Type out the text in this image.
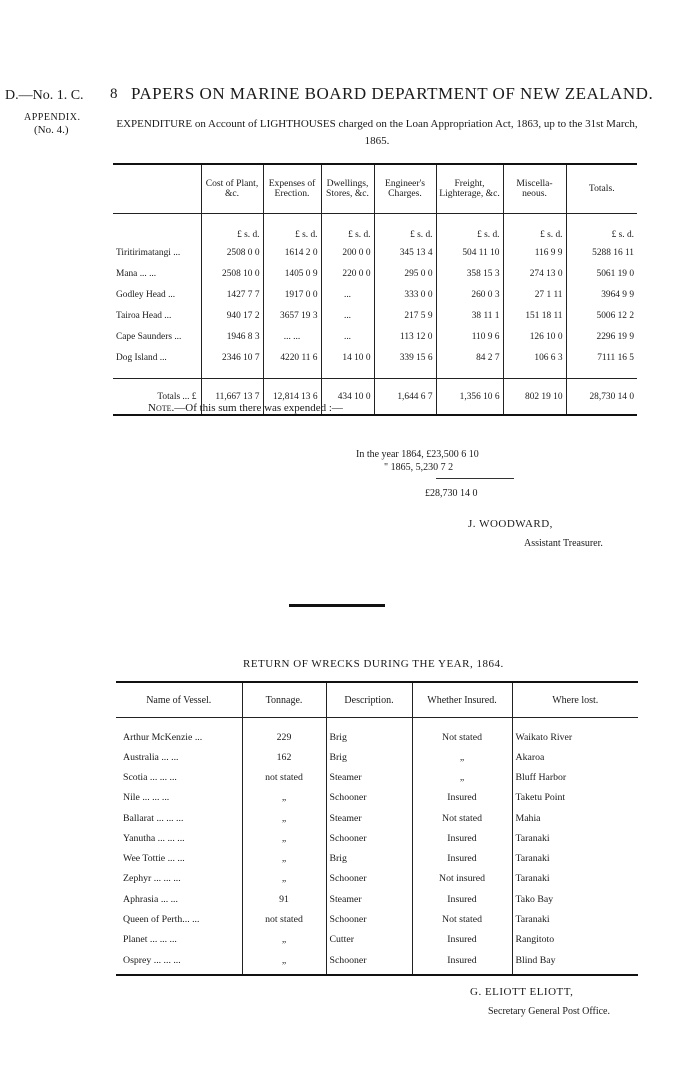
D.—No. 1. C.
APPENDIX.
(No. 4.)
8 PAPERS ON MARINE BOARD DEPARTMENT OF NEW ZEALAND.
EXPENDITURE on Account of LIGHTHOUSES charged on the Loan Appropriation Act, 1863, up to the 31st March, 1865.
	Cost of Plant, &c.	Expenses of Erection.	Dwellings, Stores, &c.	Engineer's Charges.	Freight, Lighterage, &c.	Miscella-neous.	Totals.
	£ s. d.	£ s. d.	£ s. d.	£ s. d.	£ s. d.	£ s. d.	£ s. d.
Tiritirimatangi ...	2508 0 0	1614 2 0	200 0 0	345 13 4	504 11 10	116 9 9	5288 16 11
Mana ... ...	2508 10 0	1405 0 9	220 0 0	295 0 0	358 15 3	274 13 0	5061 19 0
Godley Head ...	1427 7 7	1917 0 0	...	333 0 0	260 0 3	27 1 11	3964 9 9
Tairoa Head ...	940 17 2	3657 19 3	...	217 5 9	38 11 1	151 18 11	5006 12 2
Cape Saunders ...	1946 8 3	... ...	...	113 12 0	110 9 6	126 10 0	2296 19 9
Dog Island ...	2346 10 7	4220 11 6	14 10 0	339 15 6	84 2 7	106 6 3	7111 16 5

Totals ... £	11,667 13 7	12,814 13 6	434 10 0	1,644 6 7	1,356 10 6	802 19 10	28,730 14 0
Note.—Of this sum there was expended :—
In the year 1864, £23,500 6 10
" 1865, 5,230 7 2
£28,730 14 0
J. WOODWARD,
Assistant Treasurer.
RETURN OF WRECKS DURING THE YEAR, 1864.
Name of Vessel.	Tonnage.	Description.	Whether Insured.	Where lost.
Arthur McKenzie ...	229	Brig	Not stated	Waikato River
Australia ... ...	162	Brig	„	Akaroa
Scotia ... ... ...	not stated	Steamer	„	Bluff Harbor
Nile ... ... ...	„	Schooner	Insured	Taketu Point
Ballarat ... ... ...	„	Steamer	Not stated	Mahia
Yanutha ... ... ...	„	Schooner	Insured	Taranaki
Wee Tottie ... ...	„	Brig	Insured	Taranaki
Zephyr ... ... ...	„	Schooner	Not insured	Taranaki
Aphrasia ... ...	91	Steamer	Insured	Tako Bay
Queen of Perth... ...	not stated	Schooner	Not stated	Taranaki
Planet ... ... ...	„	Cutter	Insured	Rangitoto
Osprey ... ... ...	„	Schooner	Insured	Blind Bay
G. ELIOTT ELIOTT,
Secretary General Post Office.
